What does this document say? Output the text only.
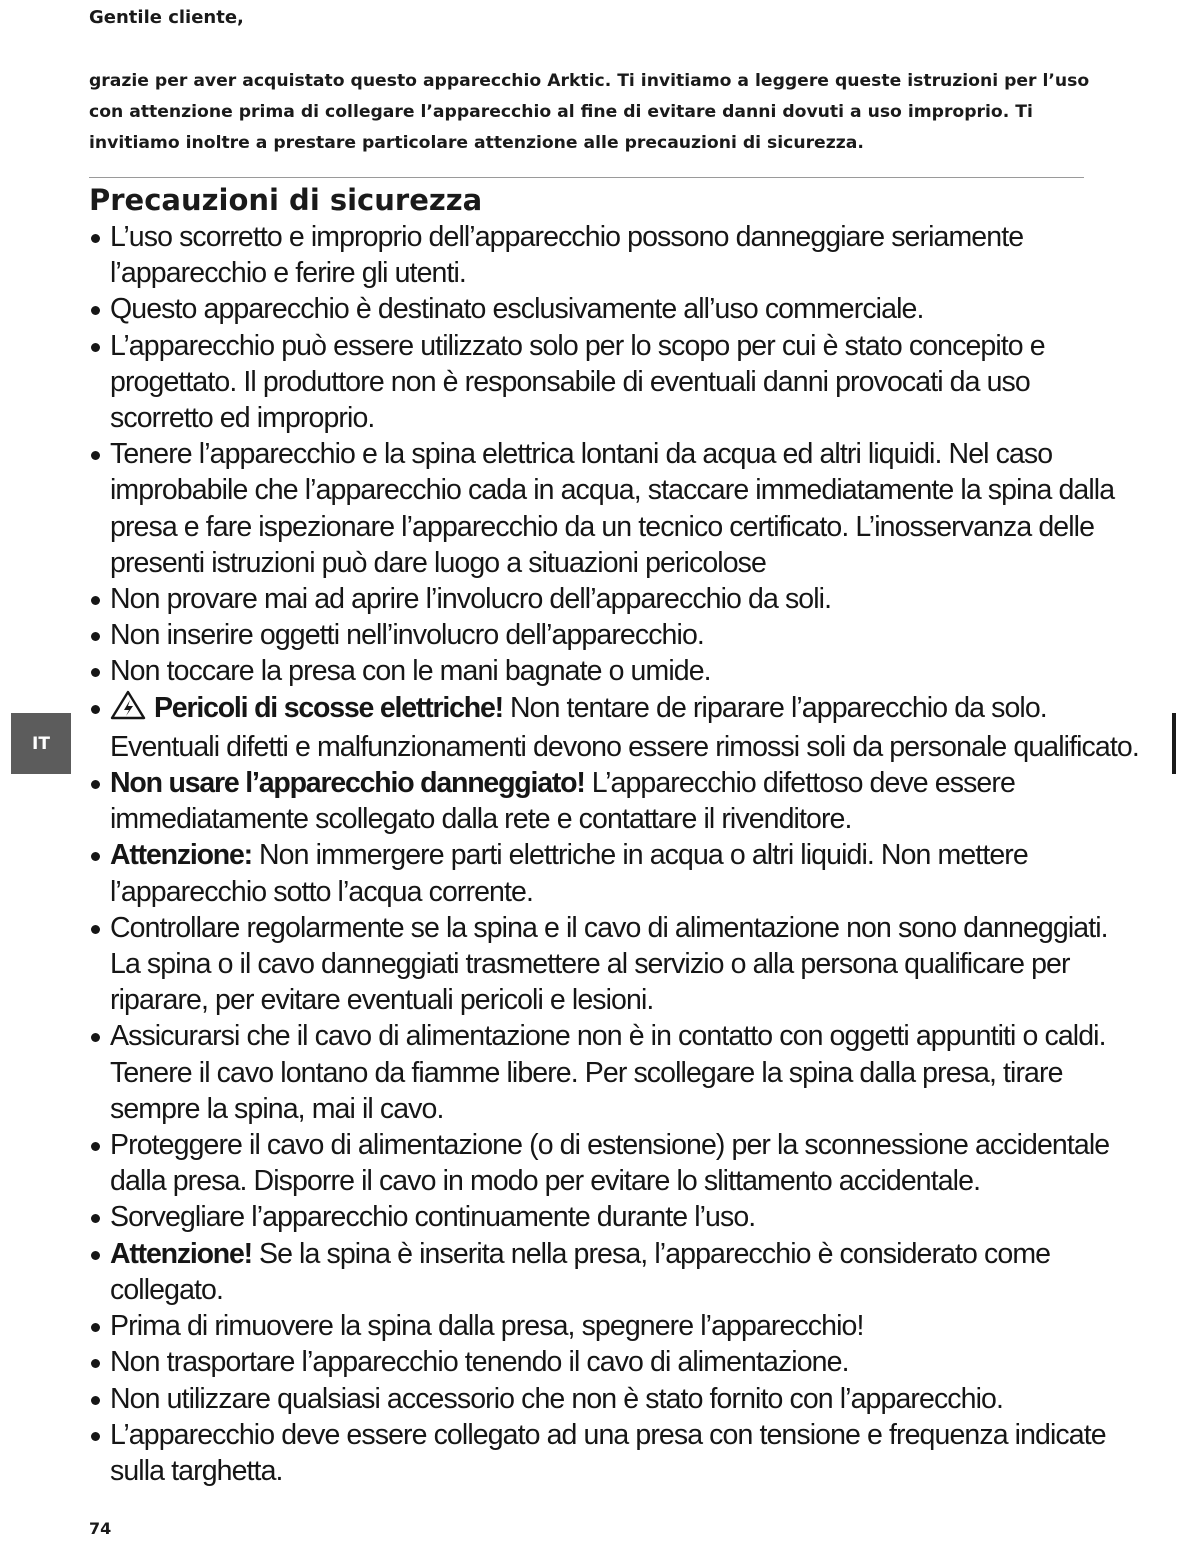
Gentile cliente,

grazie per aver acquistato questo apparecchio Arktic. Ti invitiamo a leggere queste istruzioni per l’uso con attenzione prima di collegare l’apparecchio al fine di evitare danni dovuti a uso improprio. Ti invitiamo inoltre a prestare particolare attenzione alle precauzioni di sicurezza.

Precauzioni di sicurezza
L’uso scorretto e improprio dell’apparecchio possono danneggiare seriamente l’apparecchio e ferire gli utenti.
Questo apparecchio è destinato esclusivamente all’uso commerciale.
L’apparecchio può essere utilizzato solo per lo scopo per cui è stato concepito e progettato. Il produttore non è responsabile di eventuali danni provocati da uso scorretto ed improprio.
Tenere l’apparecchio e la spina elettrica lontani da acqua ed altri liquidi. Nel caso improbabile che l’apparecchio cada in acqua, staccare immediatamente la spina dalla presa e fare ispezionare l’apparecchio da un tecnico certificato. L’inosservanza delle presenti istruzioni può dare luogo a situazioni pericolose
Non provare mai ad aprire l’involucro dell’apparecchio da soli.
Non inserire oggetti nell’involucro dell’apparecchio.
Non toccare la presa con le mani bagnate o umide.
Pericoli di scosse elettriche! Non tentare de riparare l’apparecchio da solo. Eventuali difetti e malfunzionamenti devono essere rimossi soli da personale qualificato.
Non usare l’apparecchio danneggiato! L’apparecchio difettoso deve essere immediatamente scollegato dalla rete e contattare il rivenditore.
Attenzione: Non immergere parti elettriche in acqua o altri liquidi. Non mettere l’apparecchio sotto l’acqua corrente.
Controllare regolarmente se la spina e il cavo di alimentazione non sono danneggiati. La spina o il cavo danneggiati trasmettere al servizio o alla persona qualificare per riparare, per evitare eventuali pericoli e lesioni.
Assicurarsi che il cavo di alimentazione non è in contatto con oggetti appuntiti o caldi. Tenere il cavo lontano da fiamme libere. Per scollegare la spina dalla presa, tirare sempre la spina, mai il cavo.
Proteggere il cavo di alimentazione (o di estensione) per la sconnessione accidentale dalla presa. Disporre il cavo in modo per evitare lo slittamento accidentale.
Sorvegliare l’apparecchio continuamente durante l’uso.
Attenzione! Se la spina è inserita nella presa, l’apparecchio è considerato come collegato.
Prima di rimuovere la spina dalla presa, spegnere l’apparecchio!
Non trasportare l’apparecchio tenendo il cavo di alimentazione.
Non utilizzare qualsiasi accessorio che non è stato fornito con l’apparecchio.
L’apparecchio deve essere collegato ad una presa con tensione e frequenza indicate sulla targhetta.
IT
74
